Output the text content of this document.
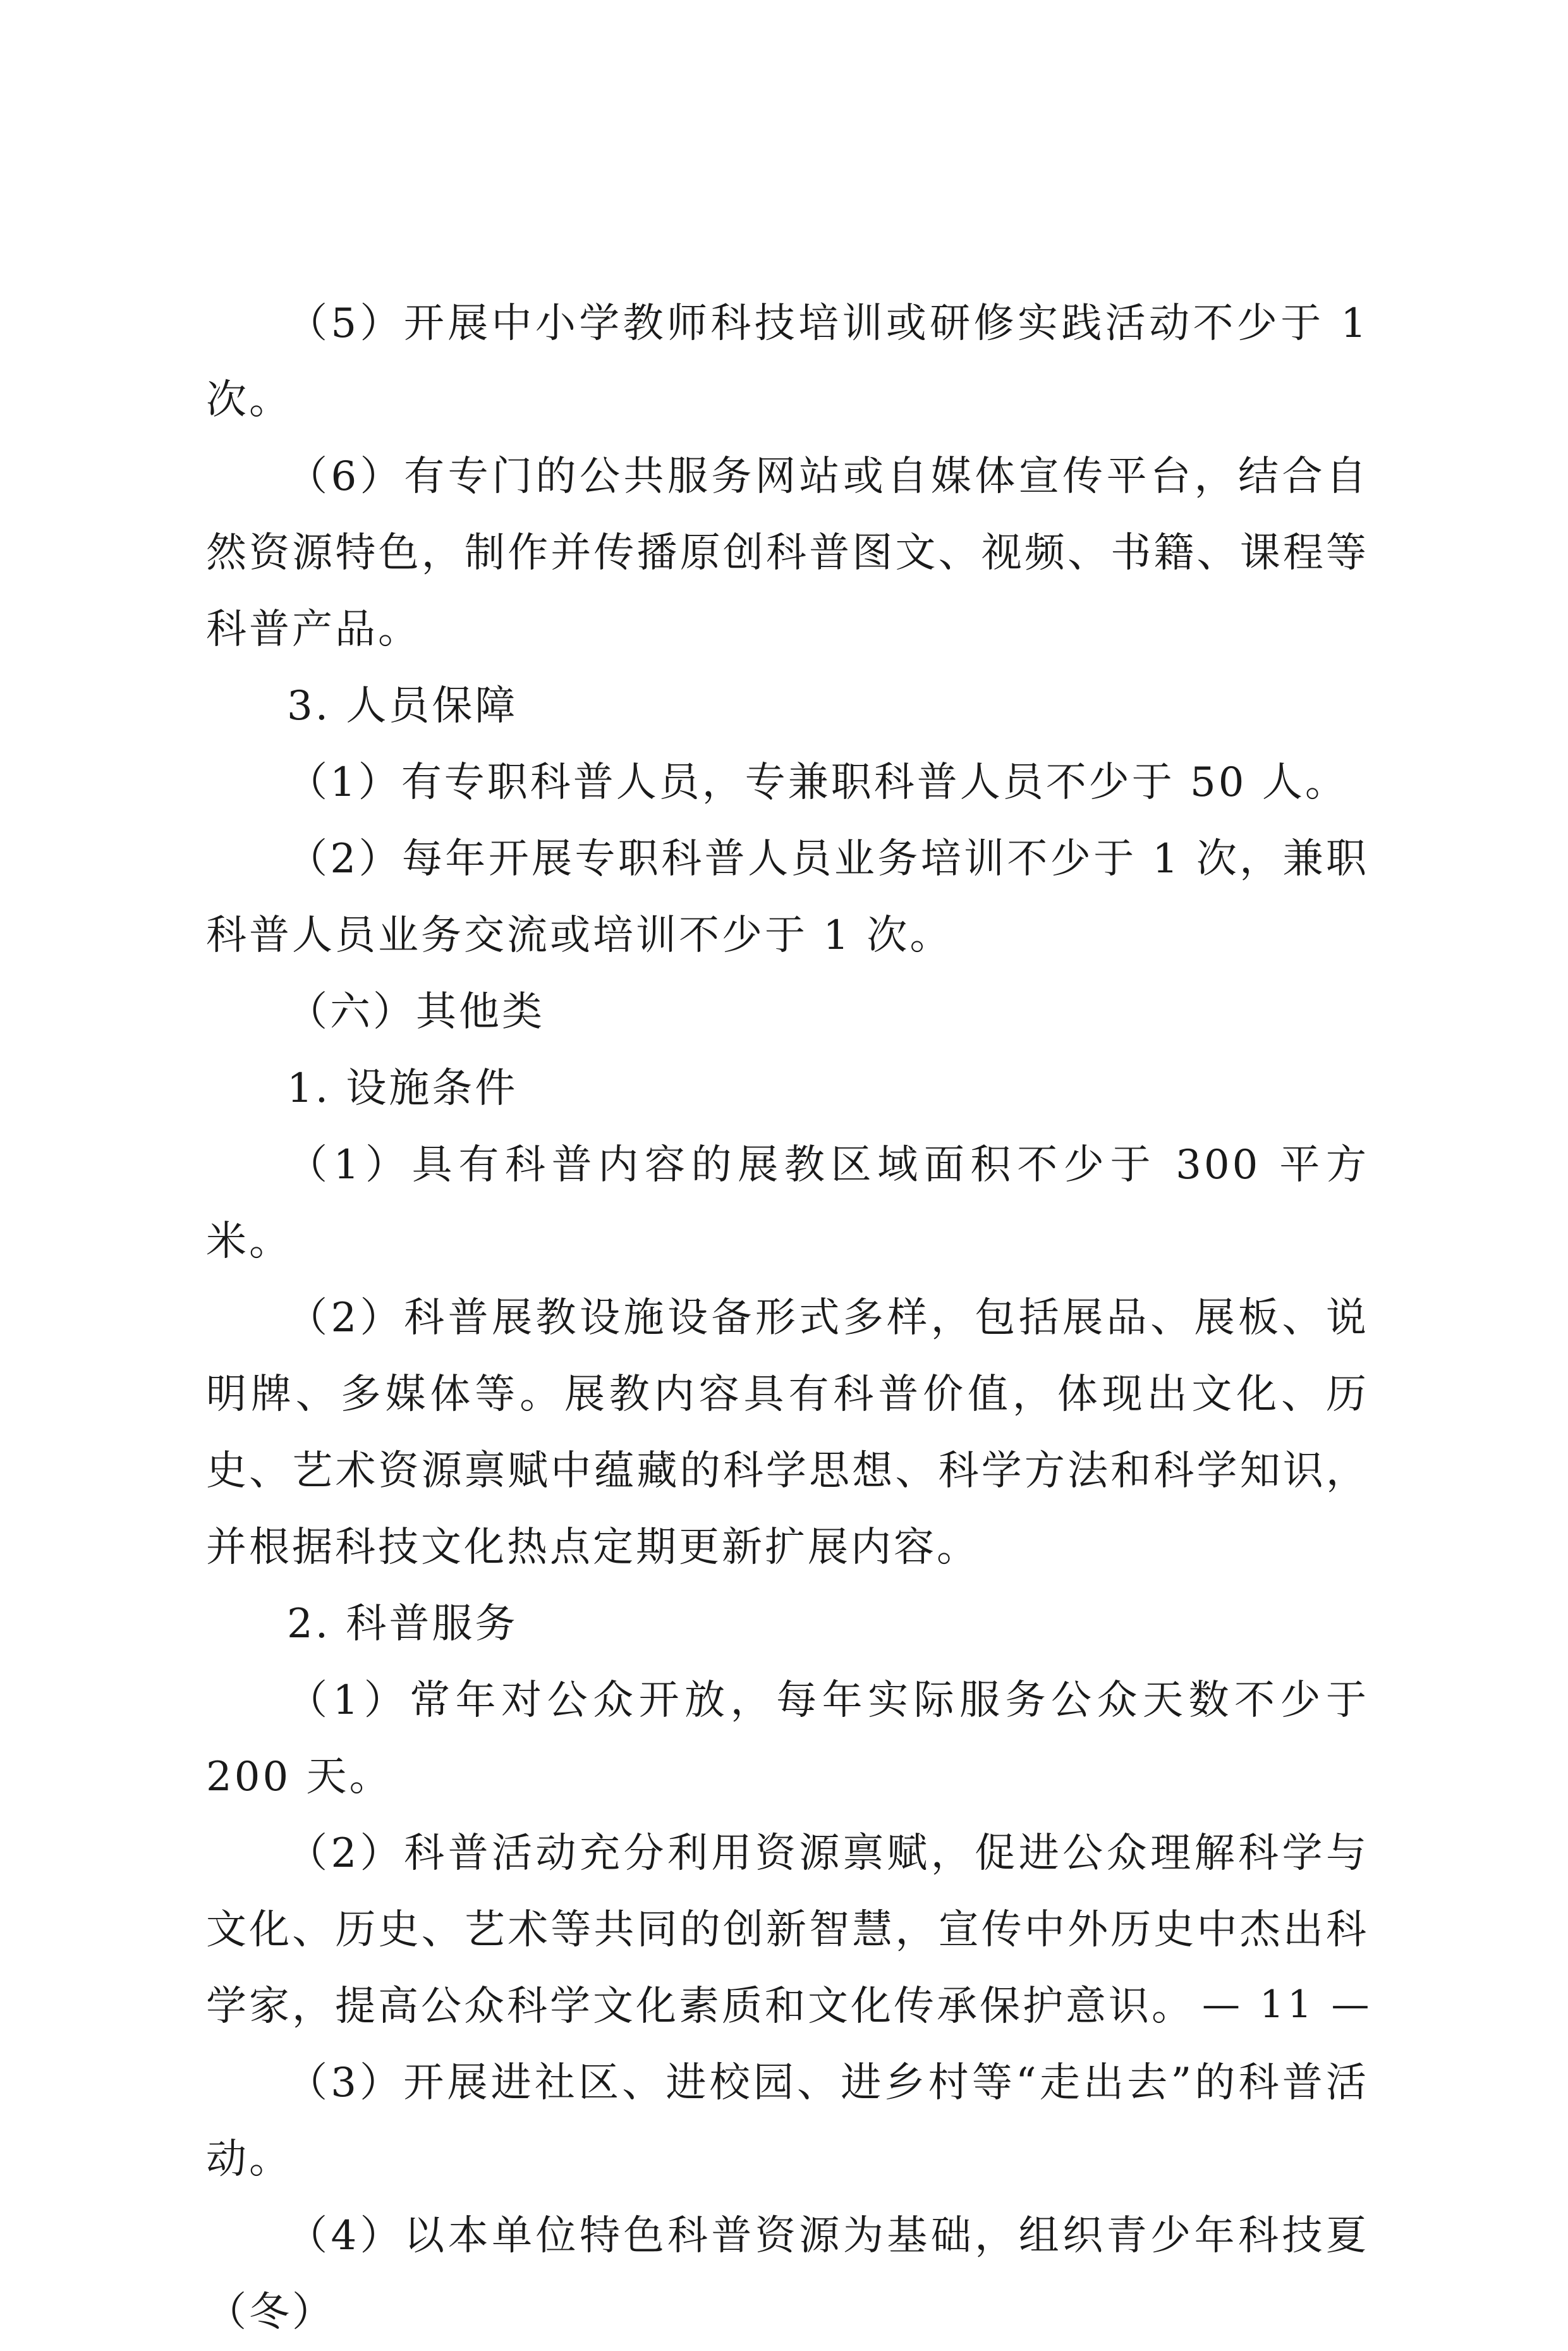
（5）开展中小学教师科技培训或研修实践活动不少于 1 次。

（6）有专门的公共服务网站或自媒体宣传平台，结合自然资源特色，制作并传播原创科普图文、视频、书籍、课程等科普产品。

3. 人员保障

（1）有专职科普人员，专兼职科普人员不少于 50 人。

（2）每年开展专职科普人员业务培训不少于 1 次，兼职科普人员业务交流或培训不少于 1 次。

（六）其他类

1. 设施条件

（1）具有科普内容的展教区域面积不少于 300 平方米。

（2）科普展教设施设备形式多样，包括展品、展板、说明牌、多媒体等。展教内容具有科普价值，体现出文化、历史、艺术资源禀赋中蕴藏的科学思想、科学方法和科学知识，并根据科技文化热点定期更新扩展内容。

2. 科普服务

（1）常年对公众开放，每年实际服务公众天数不少于 200 天。

（2）科普活动充分利用资源禀赋，促进公众理解科学与文化、历史、艺术等共同的创新智慧，宣传中外历史中杰出科学家，提高公众科学文化素质和文化传承保护意识。

（3）开展进社区、进校园、进乡村等“走出去”的科普活动。

（4）以本单位特色科普资源为基础，组织青少年科技夏（冬）

— 11 —
